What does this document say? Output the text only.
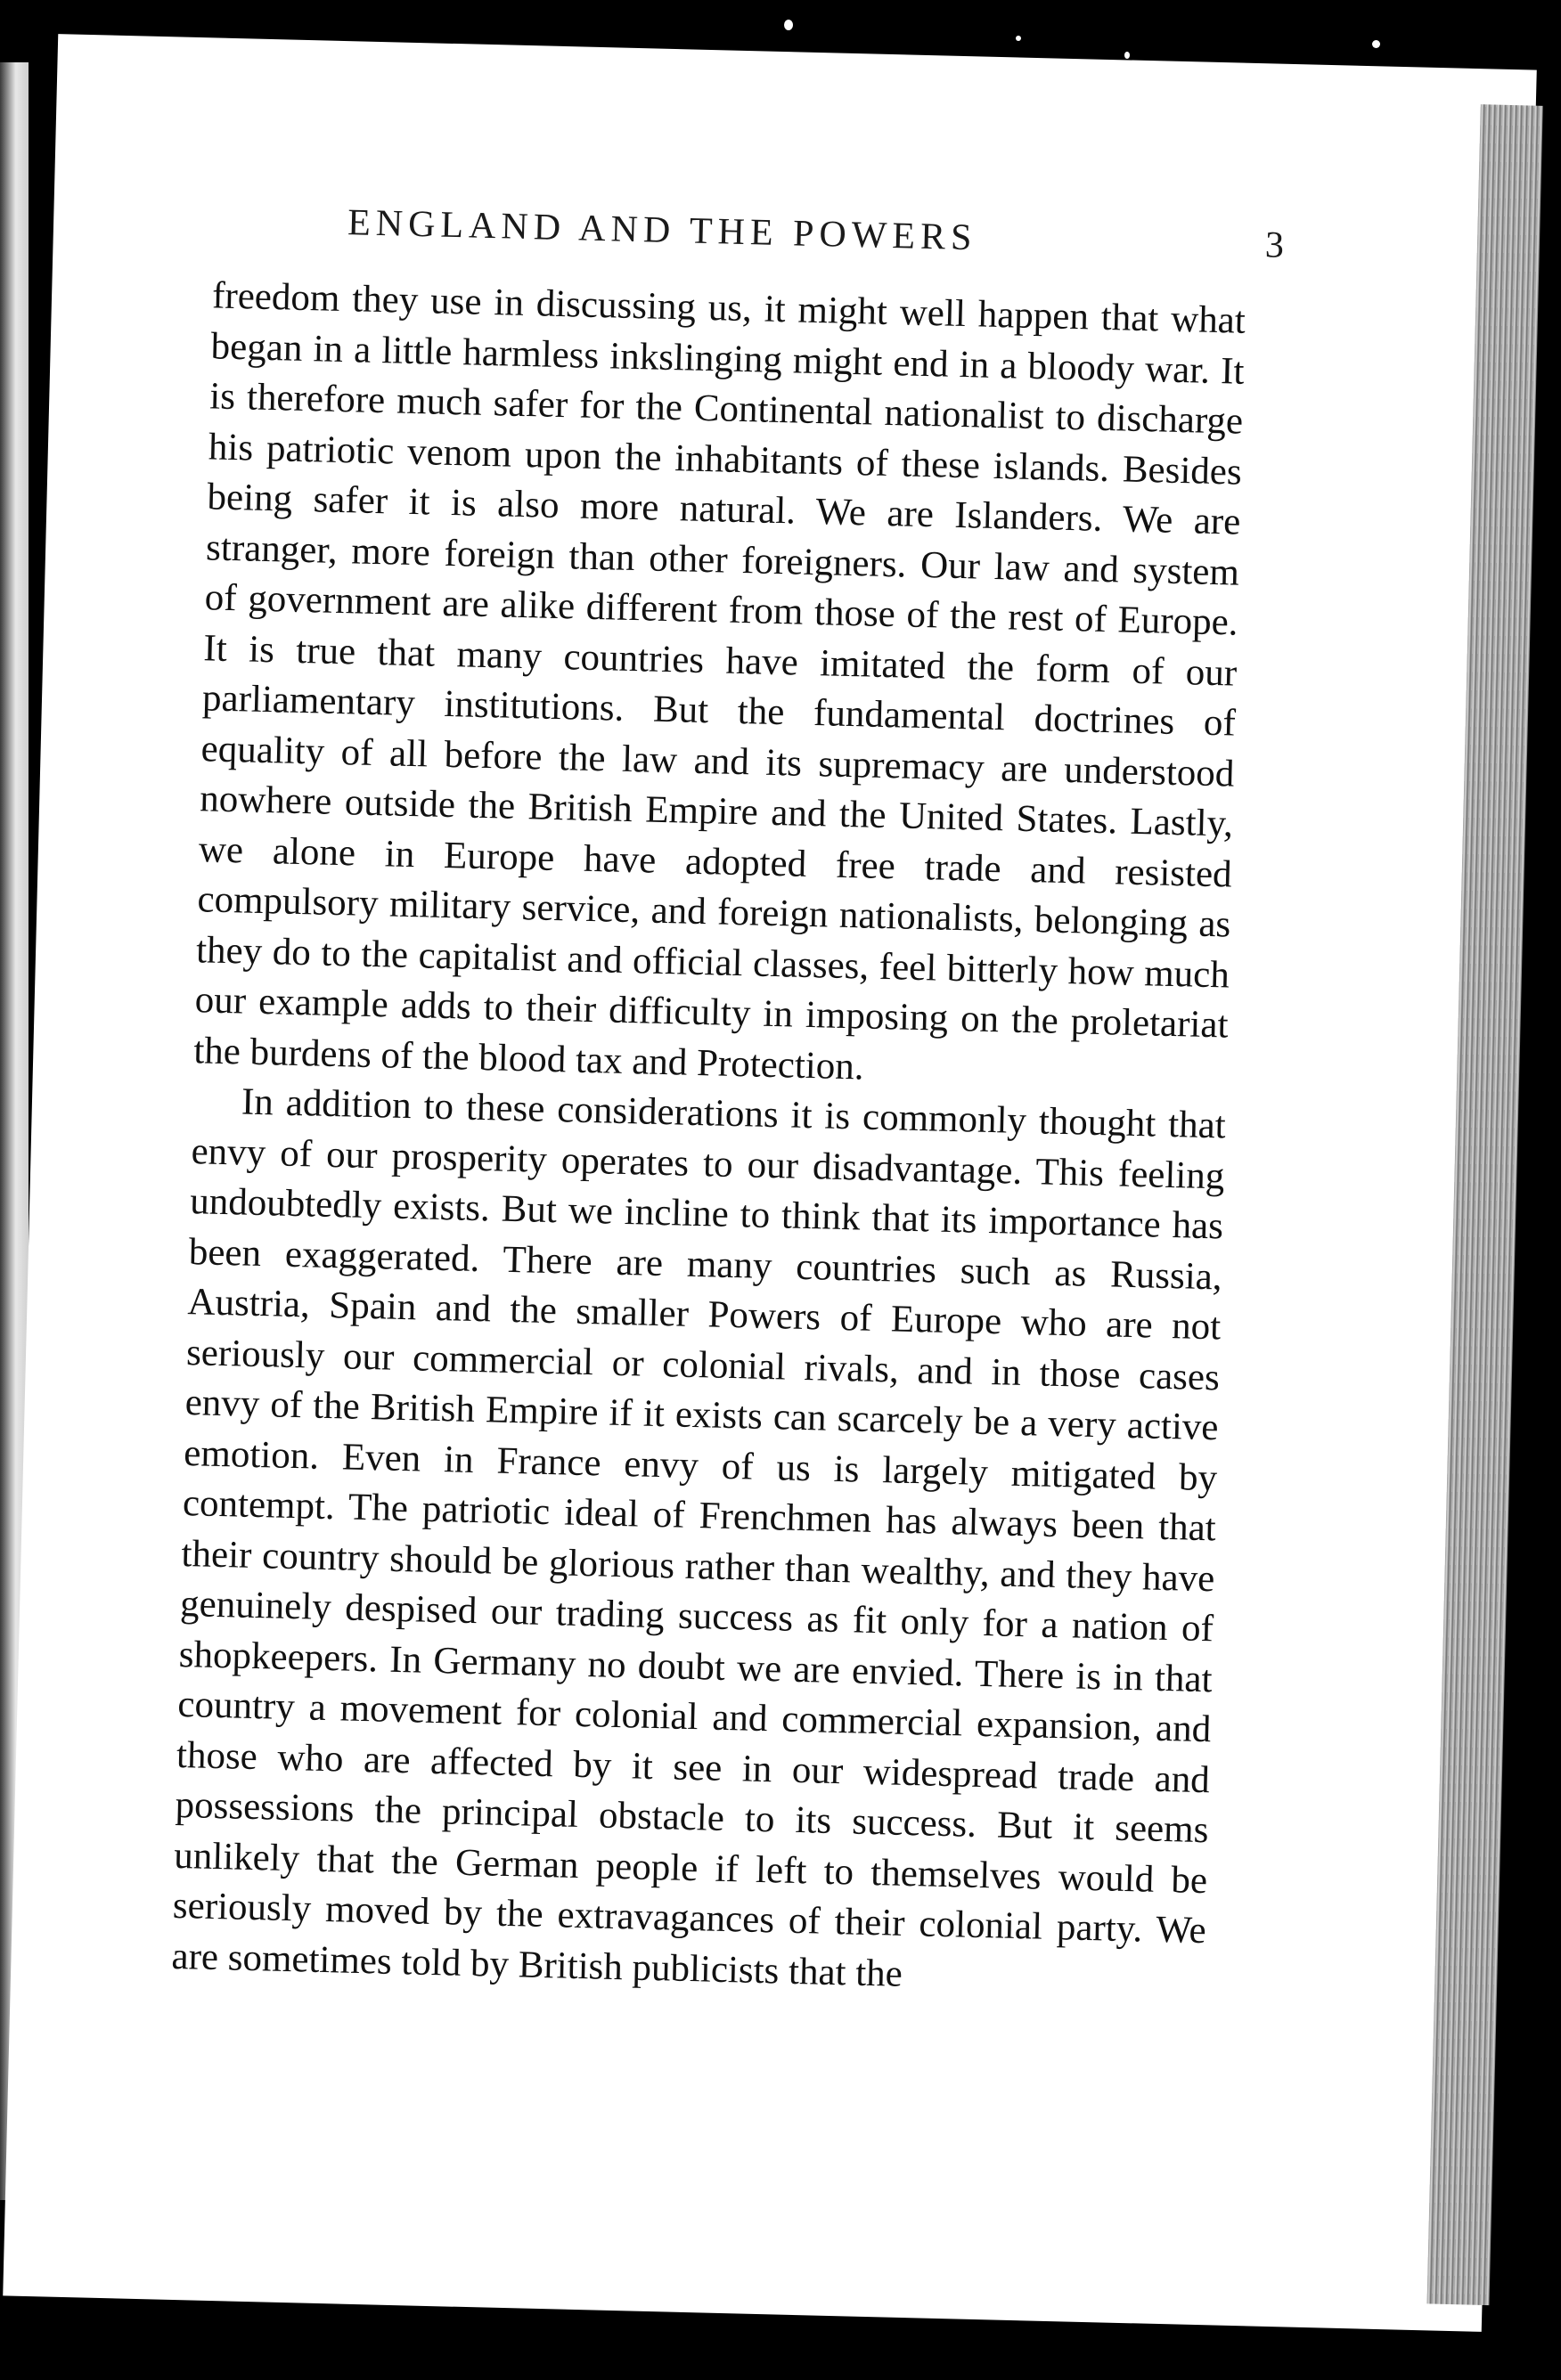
ENGLAND AND THE POWERS	3

freedom they use in discussing us, it might well happen that what began in a little harmless inkslinging might end in a bloody war. It is therefore much safer for the Continental nationalist to discharge his patriotic venom upon the inhabitants of these islands. Besides being safer it is also more natural. We are Islanders. We are stranger, more foreign than other foreigners. Our law and system of government are alike different from those of the rest of Europe. It is true that many countries have imitated the form of our parliamentary institutions. But the fundamental doctrines of equality of all before the law and its supremacy are understood nowhere outside the British Empire and the United States. Lastly, we alone in Europe have adopted free trade and resisted compulsory military service, and foreign nationalists, belonging as they do to the capitalist and official classes, feel bitterly how much our example adds to their difficulty in imposing on the proletariat the burdens of the blood tax and Protection.

In addition to these considerations it is commonly thought that envy of our prosperity operates to our disadvantage. This feeling undoubtedly exists. But we incline to think that its importance has been exaggerated. There are many countries such as Russia, Austria, Spain and the smaller Powers of Europe who are not seriously our commercial or colonial rivals, and in those cases envy of the British Empire if it exists can scarcely be a very active emotion. Even in France envy of us is largely mitigated by contempt. The patriotic ideal of Frenchmen has always been that their country should be glorious rather than wealthy, and they have genuinely despised our trading success as fit only for a nation of shopkeepers. In Germany no doubt we are envied. There is in that country a movement for colonial and commercial expansion, and those who are affected by it see in our widespread trade and possessions the principal obstacle to its success. But it seems unlikely that the German people if left to themselves would be seriously moved by the extravagances of their colonial party. We are sometimes told by British publicists that the
